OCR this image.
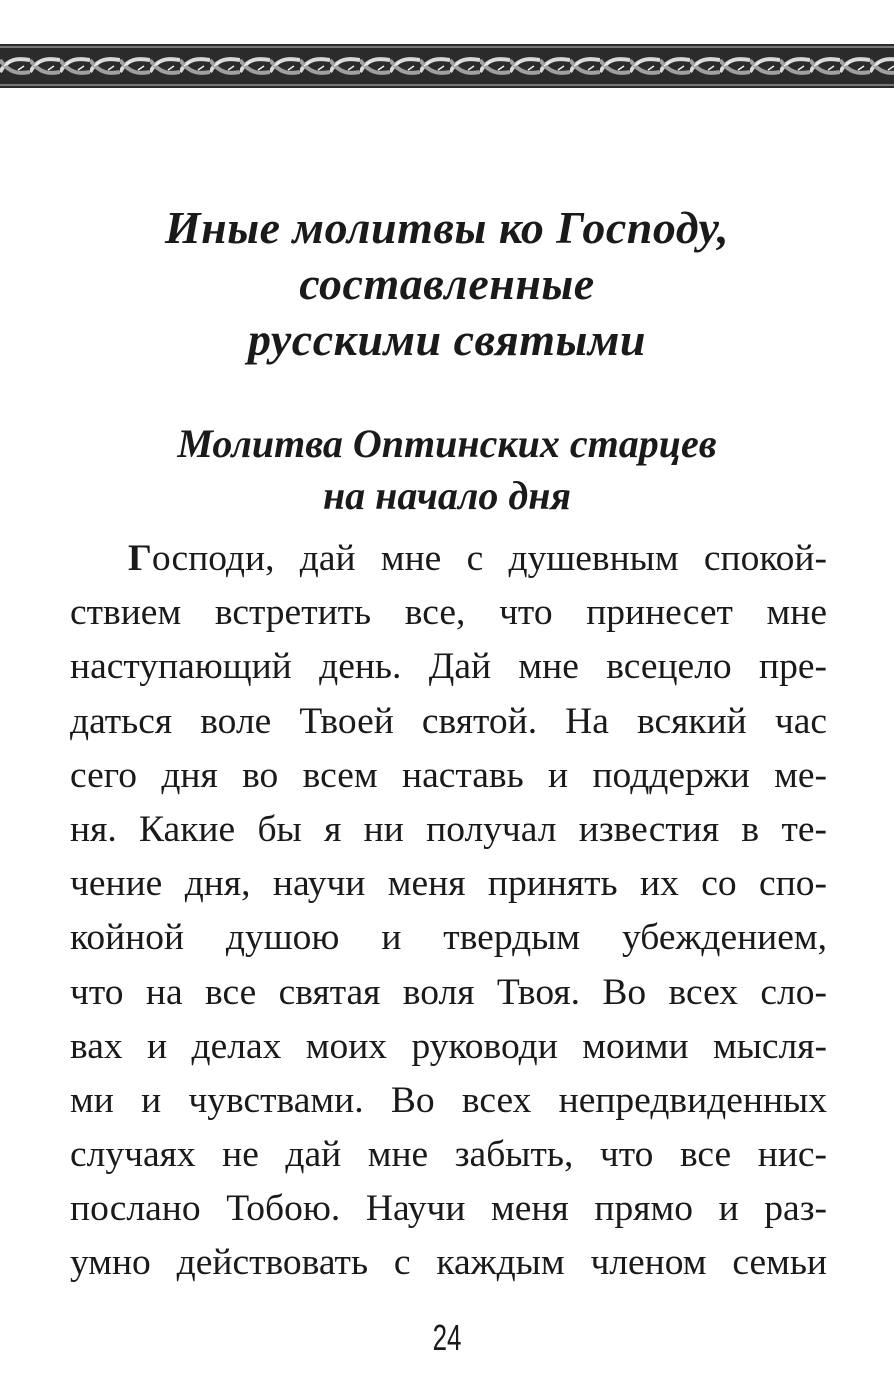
Иные молитвы ко Господу,
составленные
русскими святыми
Молитва Оптинских старцев
на начало дня
Господи, дай мне с душевным спокой-
ствием встретить все, что принесет мне
наступающий день. Дай мне всецело пре-
даться воле Твоей святой. На всякий час
сего дня во всем наставь и поддержи ме-
ня. Какие бы я ни получал известия в те-
чение дня, научи меня принять их со спо-
койной душою и твердым убеждением,
что на все святая воля Твоя. Во всех сло-
вах и делах моих руководи моими мысля-
ми и чувствами. Во всех непредвиденных
случаях не дай мне забыть, что все нис-
послано Тобою. Научи меня прямо и раз-
умно действовать с каждым членом семьи
24
